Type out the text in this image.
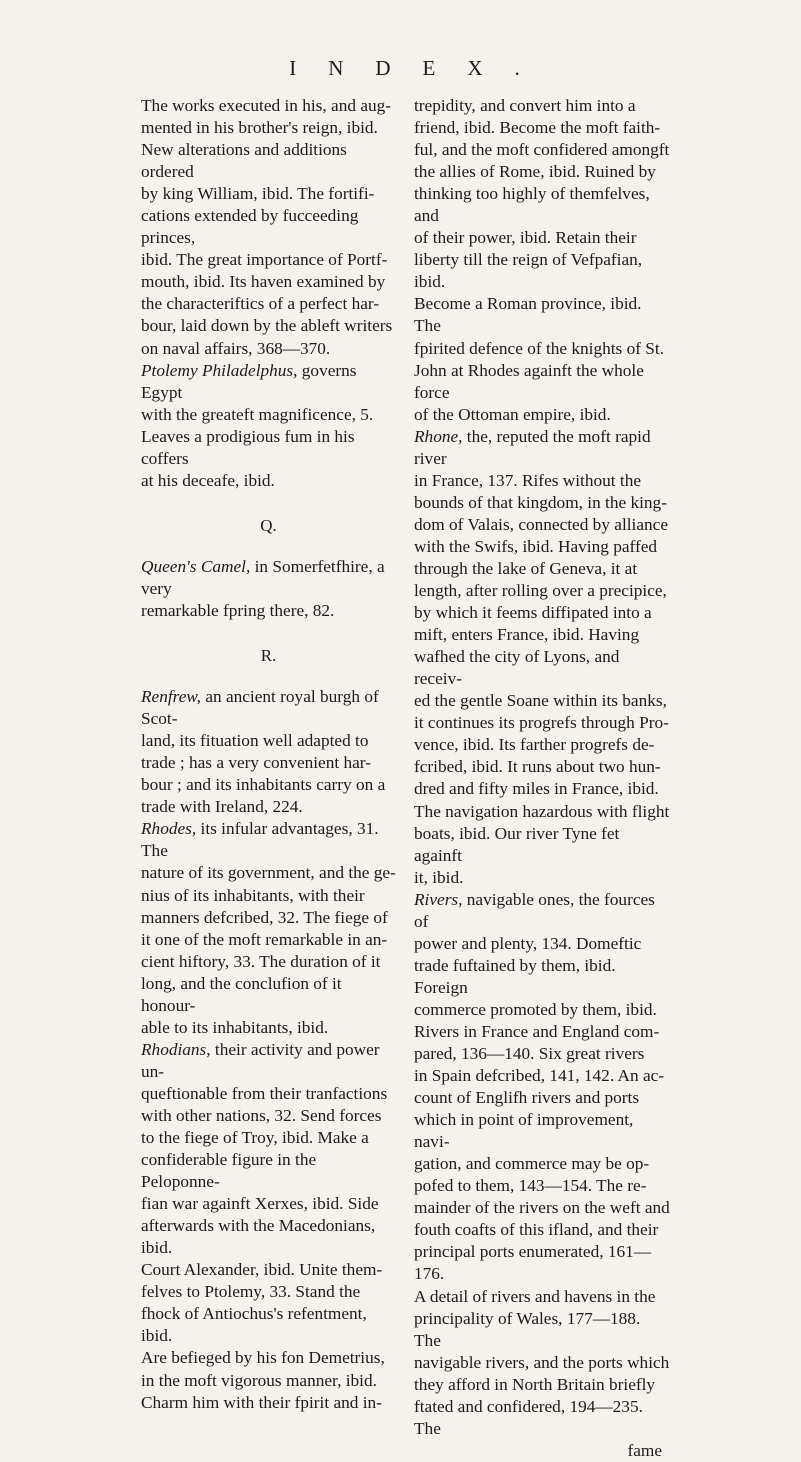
INDEX.

The works executed in his, and aug-

mented in his brother's reign, ibid.

New alterations and additions ordered

by king William, ibid. The fortifi-

cations extended by fucceeding princes,

ibid. The great importance of Portf-

mouth, ibid. Its haven examined by

the characteriftics of a perfect har-

bour, laid down by the ableft writers

on naval affairs, 368—370.

Ptolemy Philadelphus, governs Egypt

with the greateft magnificence, 5.

Leaves a prodigious fum in his coffers

at his deceafe, ibid.

Q.

Queen's Camel, in Somerfetfhire, a very

remarkable fpring there, 82.

R.

Renfrew, an ancient royal burgh of Scot-

land, its fituation well adapted to

trade ; has a very convenient har-

bour ; and its inhabitants carry on a

trade with Ireland, 224.

Rhodes, its infular advantages, 31. The

nature of its government, and the ge-

nius of its inhabitants, with their

manners defcribed, 32. The fiege of

it one of the moft remarkable in an-

cient hiftory, 33. The duration of it

long, and the conclufion of it honour-

able to its inhabitants, ibid.

Rhodians, their activity and power un-

queftionable from their tranfactions

with other nations, 32. Send forces

to the fiege of Troy, ibid. Make a

confiderable figure in the Peloponne-

fian war againft Xerxes, ibid. Side

afterwards with the Macedonians, ibid.

Court Alexander, ibid. Unite them-

felves to Ptolemy, 33. Stand the

fhock of Antiochus's refentment, ibid.

Are befieged by his fon Demetrius,

in the moft vigorous manner, ibid.

Charm him with their fpirit and in-

trepidity, and convert him into a

friend, ibid. Become the moft faith-

ful, and the moft confidered amongft

the allies of Rome, ibid. Ruined by

thinking too highly of themfelves, and

of their power, ibid. Retain their

liberty till the reign of Vefpafian, ibid.

Become a Roman province, ibid. The

fpirited defence of the knights of St.

John at Rhodes againft the whole force

of the Ottoman empire, ibid.

Rhone, the, reputed the moft rapid river

in France, 137. Rifes without the

bounds of that kingdom, in the king-

dom of Valais, connected by alliance

with the Swifs, ibid. Having paffed

through the lake of Geneva, it at

length, after rolling over a precipice,

by which it feems diffipated into a

mift, enters France, ibid. Having

wafhed the city of Lyons, and receiv-

ed the gentle Soane within its banks,

it continues its progrefs through Pro-

vence, ibid. Its farther progrefs de-

fcribed, ibid. It runs about two hun-

dred and fifty miles in France, ibid.

The navigation hazardous with flight

boats, ibid. Our river Tyne fet againft

it, ibid.

Rivers, navigable ones, the fources of

power and plenty, 134. Domeftic

trade fuftained by them, ibid. Foreign

commerce promoted by them, ibid.

Rivers in France and England com-

pared, 136—140. Six great rivers

in Spain defcribed, 141, 142. An ac-

count of Englifh rivers and ports

which in point of improvement, navi-

gation, and commerce may be op-

pofed to them, 143—154. The re-

mainder of the rivers on the weft and

fouth coafts of this ifland, and their

principal ports enumerated, 161—176.

A detail of rivers and havens in the

principality of Wales, 177—188. The

navigable rivers, and the ports which

they afford in North Britain briefly

ftated and confidered, 194—235. The

fame
